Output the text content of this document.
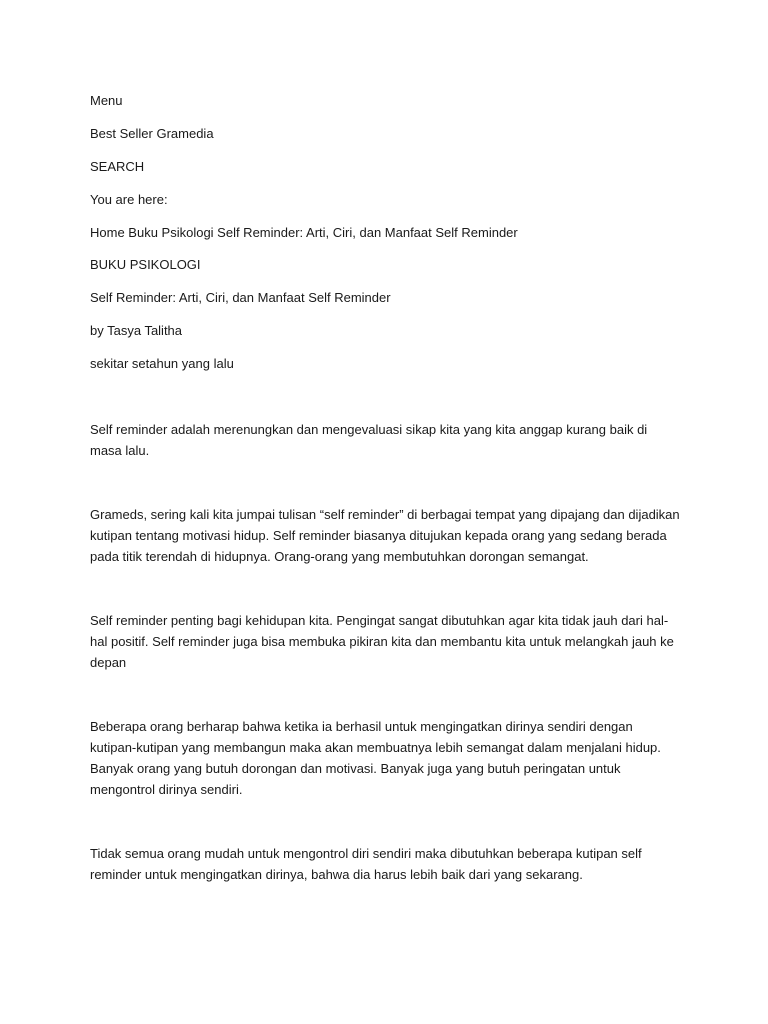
Menu
Best Seller Gramedia
SEARCH
You are here:
Home Buku Psikologi Self Reminder: Arti, Ciri, dan Manfaat Self Reminder
BUKU PSIKOLOGI
Self Reminder: Arti, Ciri, dan Manfaat Self Reminder
by Tasya Talitha
sekitar setahun yang lalu

Self reminder adalah merenungkan dan mengevaluasi sikap kita yang kita anggap kurang baik di masa lalu.

Grameds, sering kali kita jumpai tulisan “self reminder” di berbagai tempat yang dipajang dan dijadikan kutipan tentang motivasi hidup. Self reminder biasanya ditujukan kepada orang yang sedang berada pada titik terendah di hidupnya. Orang-orang yang membutuhkan dorongan semangat.

Self reminder penting bagi kehidupan kita. Pengingat sangat dibutuhkan agar kita tidak jauh dari hal-hal positif. Self reminder juga bisa membuka pikiran kita dan membantu kita untuk melangkah jauh ke depan

Beberapa orang berharap bahwa ketika ia berhasil untuk mengingatkan dirinya sendiri dengan kutipan-kutipan yang membangun maka akan membuatnya lebih semangat dalam menjalani hidup. Banyak orang yang butuh dorongan dan motivasi. Banyak juga yang butuh peringatan untuk mengontrol dirinya sendiri.

Tidak semua orang mudah untuk mengontrol diri sendiri maka dibutuhkan beberapa kutipan self reminder untuk mengingatkan dirinya, bahwa dia harus lebih baik dari yang sekarang.
